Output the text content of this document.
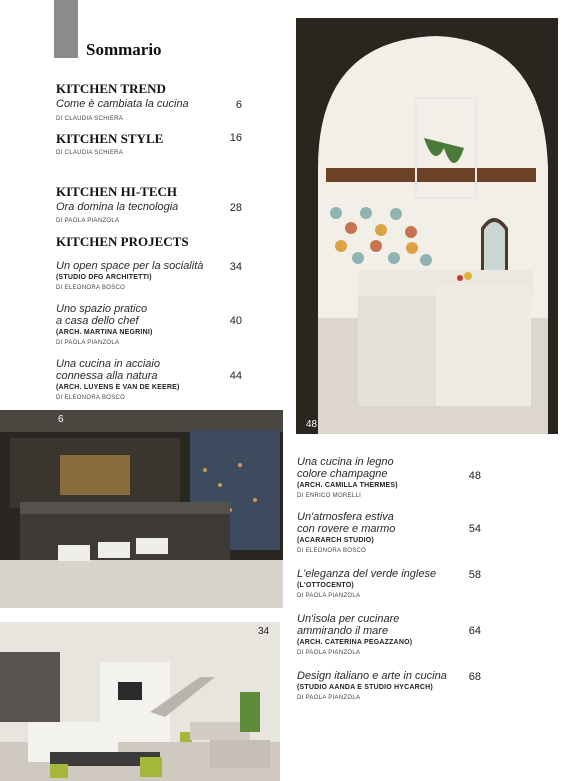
Sommario
KITCHEN TREND
Come è cambiata la cucina	6
DI CLAUDIA SCHIERA
KITCHEN STYLE	16
DI CLAUDIA SCHIERA
KITCHEN HI-TECH
Ora domina la tecnologia	28
DI PAOLA PIANZOLA
KITCHEN PROJECTS
Un open space per la socialità	34
(STUDIO DFG ARCHITETTI)
DI ELEONORA BOSCO
Uno spazio pratico
a casa dello chef	40
(ARCH. MARTINA NEGRINI)
DI PAOLA PIANZOLA
Una cucina in acciaio
connessa alla natura	44
(ARCH. LUYENS E VAN DE KEERE)
DI ELEONORA BOSCO
Una cucina in legno
colore champagne	48
(ARCH. CAMILLA THERMES)
DI ENRICO MORELLI
Un'atmosfera estiva
con rovere e marmo	54
(ACARARCH STUDIO)
DI ELEONORA BOSCO
L'eleganza del verde inglese	58
(L'OTTOCENTO)
DI PAOLA PIANZOLA
Un'isola per cucinare
ammirando il mare	64
(ARCH. CATERINA PEGAZZANO)
DI PAOLA PIANZOLA
Design italiano e arte in cucina	68
(STUDIO AANDA E STUDIO HYCARCH)
DI PAOLA PIANZOLA
48
6
34
